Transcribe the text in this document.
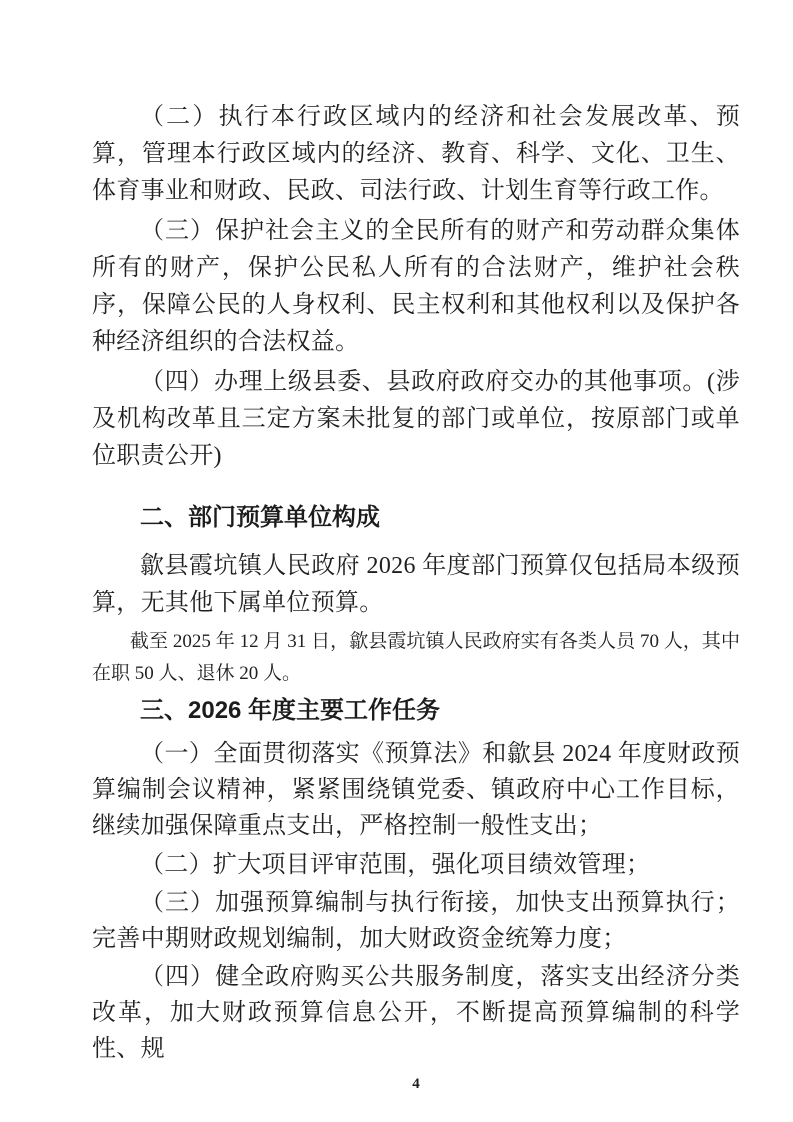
（二）执行本行政区域内的经济和社会发展改革、预算，管理本行政区域内的经济、教育、科学、文化、卫生、体育事业和财政、民政、司法行政、计划生育等行政工作。

（三）保护社会主义的全民所有的财产和劳动群众集体所有的财产，保护公民私人所有的合法财产，维护社会秩序，保障公民的人身权利、民主权利和其他权利以及保护各种经济组织的合法权益。

（四）办理上级县委、县政府政府交办的其他事项。(涉及机构改革且三定方案未批复的部门或单位，按原部门或单位职责公开)

二、部门预算单位构成

歙县霞坑镇人民政府 2026 年度部门预算仅包括局本级预算，无其他下属单位预算。

截至 2025 年 12 月 31 日，歙县霞坑镇人民政府实有各类人员 70 人，其中在职 50 人、退休 20 人。

三、2026 年度主要工作任务

（一）全面贯彻落实《预算法》和歙县 2024 年度财政预算编制会议精神，紧紧围绕镇党委、镇政府中心工作目标，继续加强保障重点支出，严格控制一般性支出；

（二）扩大项目评审范围，强化项目绩效管理；

（三）加强预算编制与执行衔接，加快支出预算执行；完善中期财政规划编制，加大财政资金统筹力度；

（四）健全政府购买公共服务制度，落实支出经济分类改革，加大财政预算信息公开，不断提高预算编制的科学性、规

4
